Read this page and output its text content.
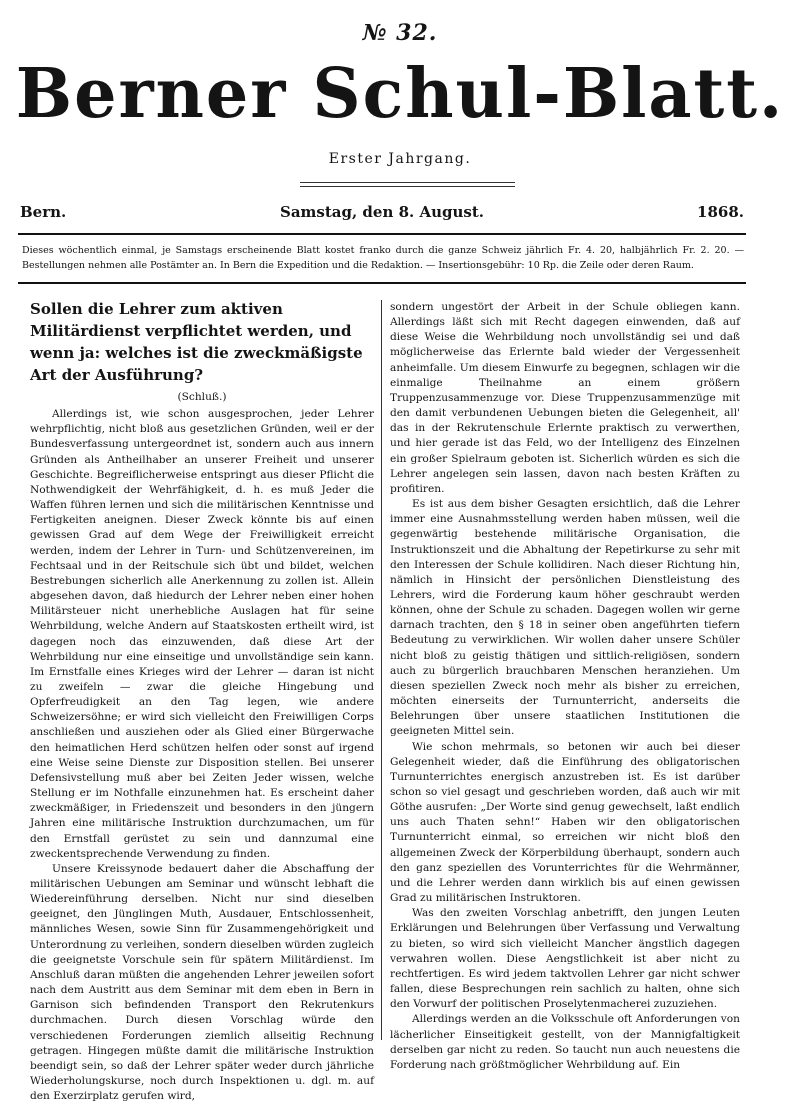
№ 32.
Berner Schul-Blatt.
Erster Jahrgang.
Bern.	Samstag, den 8. August.	1868.
Dieses wöchentlich einmal, je Samstags erscheinende Blatt kostet franko durch die ganze Schweiz jährlich Fr. 4. 20, halbjährlich Fr. 2. 20. — Bestellungen nehmen alle Postämter an. In Bern die Expedition und die Redaktion. — Insertionsgebühr: 10 Rp. die Zeile oder deren Raum.
Sollen die Lehrer zum aktiven Militärdienst verpflichtet werden, und wenn ja: welches ist die zweckmäßigste Art der Ausführung?
(Schluß.)

Allerdings ist, wie schon ausgesprochen, jeder Lehrer wehrpflichtig, nicht bloß aus gesetzlichen Gründen, weil er der Bundesverfassung untergeordnet ist, sondern auch aus innern Gründen als Antheilhaber an unserer Freiheit und unserer Geschichte. Begreiflicherweise entspringt aus dieser Pflicht die Nothwendigkeit der Wehrfähigkeit, d. h. es muß Jeder die Waffen führen lernen und sich die militärischen Kenntnisse und Fertigkeiten aneignen. Dieser Zweck könnte bis auf einen gewissen Grad auf dem Wege der Freiwilligkeit erreicht werden, indem der Lehrer in Turn- und Schützenvereinen, im Fechtsaal und in der Reitschule sich übt und bildet, welchen Bestrebungen sicherlich alle Anerkennung zu zollen ist. Allein abgesehen davon, daß hiedurch der Lehrer neben einer hohen Militärsteuer nicht unerhebliche Auslagen hat für seine Wehrbildung, welche Andern auf Staatskosten ertheilt wird, ist dagegen noch das einzuwenden, daß diese Art der Wehrbildung nur eine einseitige und unvollständige sein kann. Im Ernstfalle eines Krieges wird der Lehrer — daran ist nicht zu zweifeln — zwar die gleiche Hingebung und Opferfreudigkeit an den Tag legen, wie andere Schweizersöhne; er wird sich vielleicht den Freiwilligen Corps anschließen und ausziehen oder als Glied einer Bürgerwache den heimatlichen Herd schützen helfen oder sonst auf irgend eine Weise seine Dienste zur Disposition stellen. Bei unserer Defensivstellung muß aber bei Zeiten Jeder wissen, welche Stellung er im Nothfalle einzunehmen hat. Es erscheint daher zweckmäßiger, in Friedenszeit und besonders in den jüngern Jahren eine militärische Instruktion durchzumachen, um für den Ernstfall gerüstet zu sein und dannzumal eine zweckentsprechende Verwendung zu finden.

Unsere Kreissynode bedauert daher die Abschaffung der militärischen Uebungen am Seminar und wünscht lebhaft die Wiedereinführung derselben. Nicht nur sind dieselben geeignet, den Jünglingen Muth, Ausdauer, Entschlossenheit, männliches Wesen, sowie Sinn für Zusammengehörigkeit und Unterordnung zu verleihen, sondern dieselben würden zugleich die geeignetste Vorschule sein für spätern Militärdienst. Im Anschluß daran müßten die angehenden Lehrer jeweilen sofort nach dem Austritt aus dem Seminar mit dem eben in Bern in Garnison sich befindenden Transport den Rekrutenkurs durchmachen. Durch diesen Vorschlag würde den verschiedenen Forderungen ziemlich allseitig Rechnung getragen. Hingegen müßte damit die militärische Instruktion beendigt sein, so daß der Lehrer später weder durch jährliche Wiederholungskurse, noch durch Inspektionen u. dgl. m. auf den Exerzirplatz gerufen wird,

sondern ungestört der Arbeit in der Schule obliegen kann. Allerdings läßt sich mit Recht dagegen einwenden, daß auf diese Weise die Wehrbildung noch unvollständig sei und daß möglicherweise das Erlernte bald wieder der Vergessenheit anheimfalle. Um diesem Einwurfe zu begegnen, schlagen wir die einmalige Theilnahme an einem größern Truppenzusammenzuge vor. Diese Truppenzusammenzüge mit den damit verbundenen Uebungen bieten die Gelegenheit, all' das in der Rekrutenschule Erlernte praktisch zu verwerthen, und hier gerade ist das Feld, wo der Intelligenz des Einzelnen ein großer Spielraum geboten ist. Sicherlich würden es sich die Lehrer angelegen sein lassen, davon nach besten Kräften zu profitiren.

Es ist aus dem bisher Gesagten ersichtlich, daß die Lehrer immer eine Ausnahmsstellung werden haben müssen, weil die gegenwärtig bestehende militärische Organisation, die Instruktionszeit und die Abhaltung der Repetirkurse zu sehr mit den Interessen der Schule kollidiren. Nach dieser Richtung hin, nämlich in Hinsicht der persönlichen Dienstleistung des Lehrers, wird die Forderung kaum höher geschraubt werden können, ohne der Schule zu schaden. Dagegen wollen wir gerne darnach trachten, den § 18 in seiner oben angeführten tiefern Bedeutung zu verwirklichen. Wir wollen daher unsere Schüler nicht bloß zu geistig thätigen und sittlich-religiösen, sondern auch zu bürgerlich brauchbaren Menschen heranziehen. Um diesen speziellen Zweck noch mehr als bisher zu erreichen, möchten einerseits der Turnunterricht, anderseits die Belehrungen über unsere staatlichen Institutionen die geeigneten Mittel sein.

Wie schon mehrmals, so betonen wir auch bei dieser Gelegenheit wieder, daß die Einführung des obligatorischen Turnunterrichtes energisch anzustreben ist. Es ist darüber schon so viel gesagt und geschrieben worden, daß auch wir mit Göthe ausrufen: „Der Worte sind genug gewechselt, laßt endlich uns auch Thaten sehn!“ Haben wir den obligatorischen Turnunterricht einmal, so erreichen wir nicht bloß den allgemeinen Zweck der Körperbildung überhaupt, sondern auch den ganz speziellen des Vorunterrichtes für die Wehrmänner, und die Lehrer werden dann wirklich bis auf einen gewissen Grad zu militärischen Instruktoren.

Was den zweiten Vorschlag anbetrifft, den jungen Leuten Erklärungen und Belehrungen über Verfassung und Verwaltung zu bieten, so wird sich vielleicht Mancher ängstlich dagegen verwahren wollen. Diese Aengstlichkeit ist aber nicht zu rechtfertigen. Es wird jedem taktvollen Lehrer gar nicht schwer fallen, diese Besprechungen rein sachlich zu halten, ohne sich den Vorwurf der politischen Proselytenmacherei zuzuziehen.

Allerdings werden an die Volksschule oft Anforderungen von lächerlicher Einseitigkeit gestellt, von der Mannigfaltigkeit derselben gar nicht zu reden. So taucht nun auch neuestens die Forderung nach größtmöglicher Wehrbildung auf. Ein
